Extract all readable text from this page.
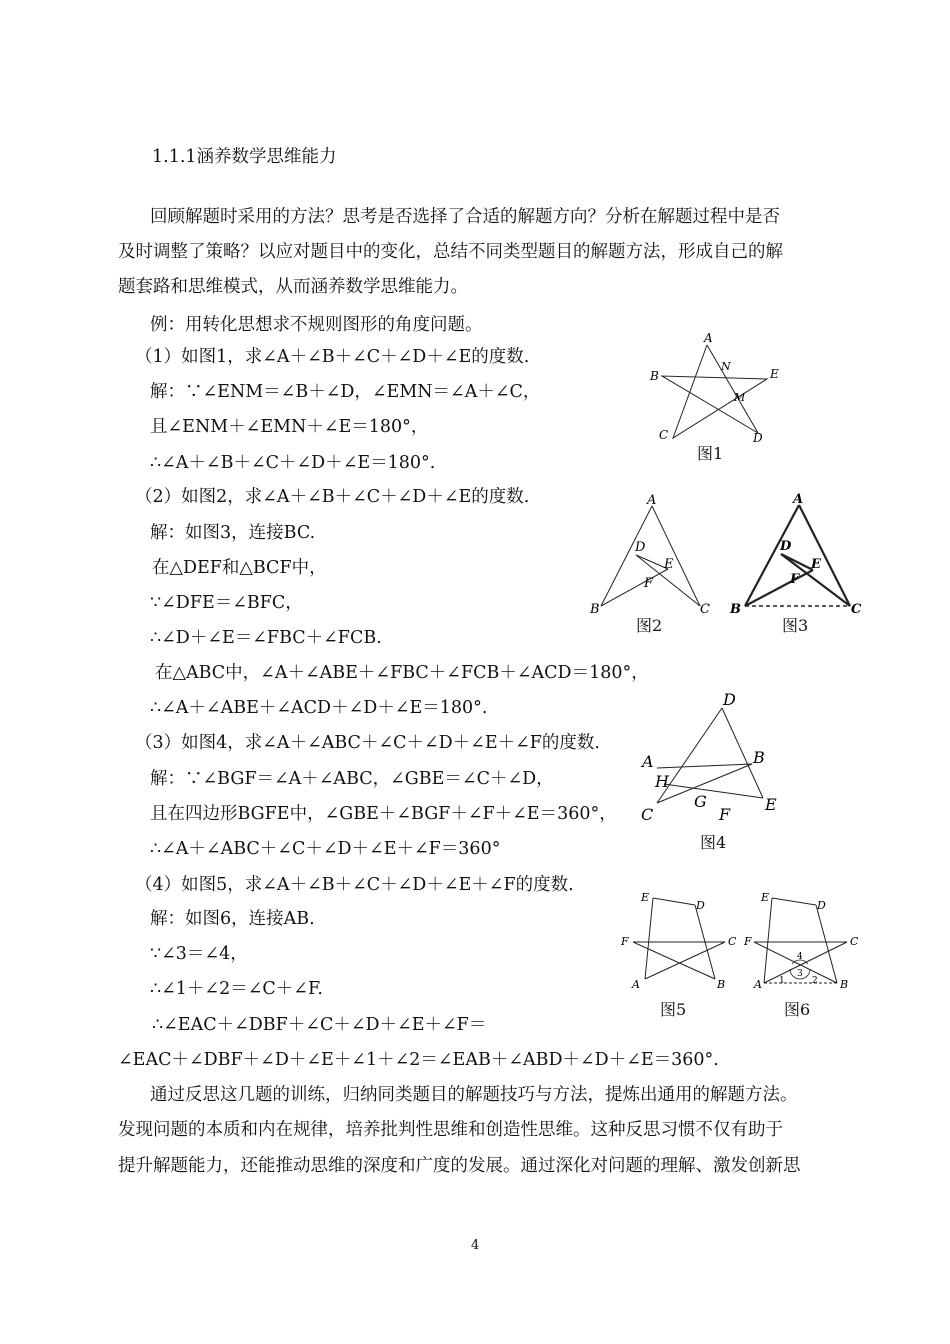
1.1.1涵养数学思维能力
回顾解题时采用的方法？思考是否选择了合适的解题方向？分析在解题过程中是否
及时调整了策略？以应对题目中的变化，总结不同类型题目的解题方法，形成自己的解
题套路和思维模式，从而涵养数学思维能力。
例：用转化思想求不规则图形的角度问题。
（1）如图1，求∠A＋∠B＋∠C＋∠D＋∠E的度数.
解：∵∠ENM＝∠B＋∠D，∠EMN＝∠A＋∠C，
且∠ENM＋∠EMN＋∠E＝180°，
∴∠A＋∠B＋∠C＋∠D＋∠E＝180°.
（2）如图2，求∠A＋∠B＋∠C＋∠D＋∠E的度数.
解：如图3，连接BC.
在△DEF和△BCF中，
∵∠DFE＝∠BFC，
∴∠D＋∠E＝∠FBC＋∠FCB.
在△ABC中，∠A＋∠ABE＋∠FBC＋∠FCB＋∠ACD＝180°，
∴∠A＋∠ABE＋∠ACD＋∠D＋∠E＝180°.
（3）如图4，求∠A＋∠ABC＋∠C＋∠D＋∠E＋∠F的度数.
解：∵∠BGF＝∠A＋∠ABC，∠GBE＝∠C＋∠D，
且在四边形BGFE中，∠GBE＋∠BGF＋∠F＋∠E＝360°，
∴∠A＋∠ABC＋∠C＋∠D＋∠E＋∠F＝360°
（4）如图5，求∠A＋∠B＋∠C＋∠D＋∠E＋∠F的度数.
解：如图6，连接AB.
∵∠3＝∠4，
∴∠1＋∠2＝∠C＋∠F.
∴∠EAC＋∠DBF＋∠C＋∠D＋∠E＋∠F＝
∠EAC＋∠DBF＋∠D＋∠E＋∠1＋∠2＝∠EAB＋∠ABD＋∠D＋∠E＝360°.
通过反思这几题的训练，归纳同类题目的解题技巧与方法，提炼出通用的解题方法。
发现问题的本质和内在规律，培养批判性思维和创造性思维。这种反思习惯不仅有助于
提升解题能力，还能推动思维的深度和广度的发展。通过深化对问题的理解、激发创新思
4
A
B	E
N
M
C	D
图1
A
D
E
F
B	C
图2
A
D
E
F
B	C
图3
D
A	B
H
G	E
C	F
图4
E
D
F	C
A	B
图5
E
D
F	C
4
3
1	2
A	B
图6
